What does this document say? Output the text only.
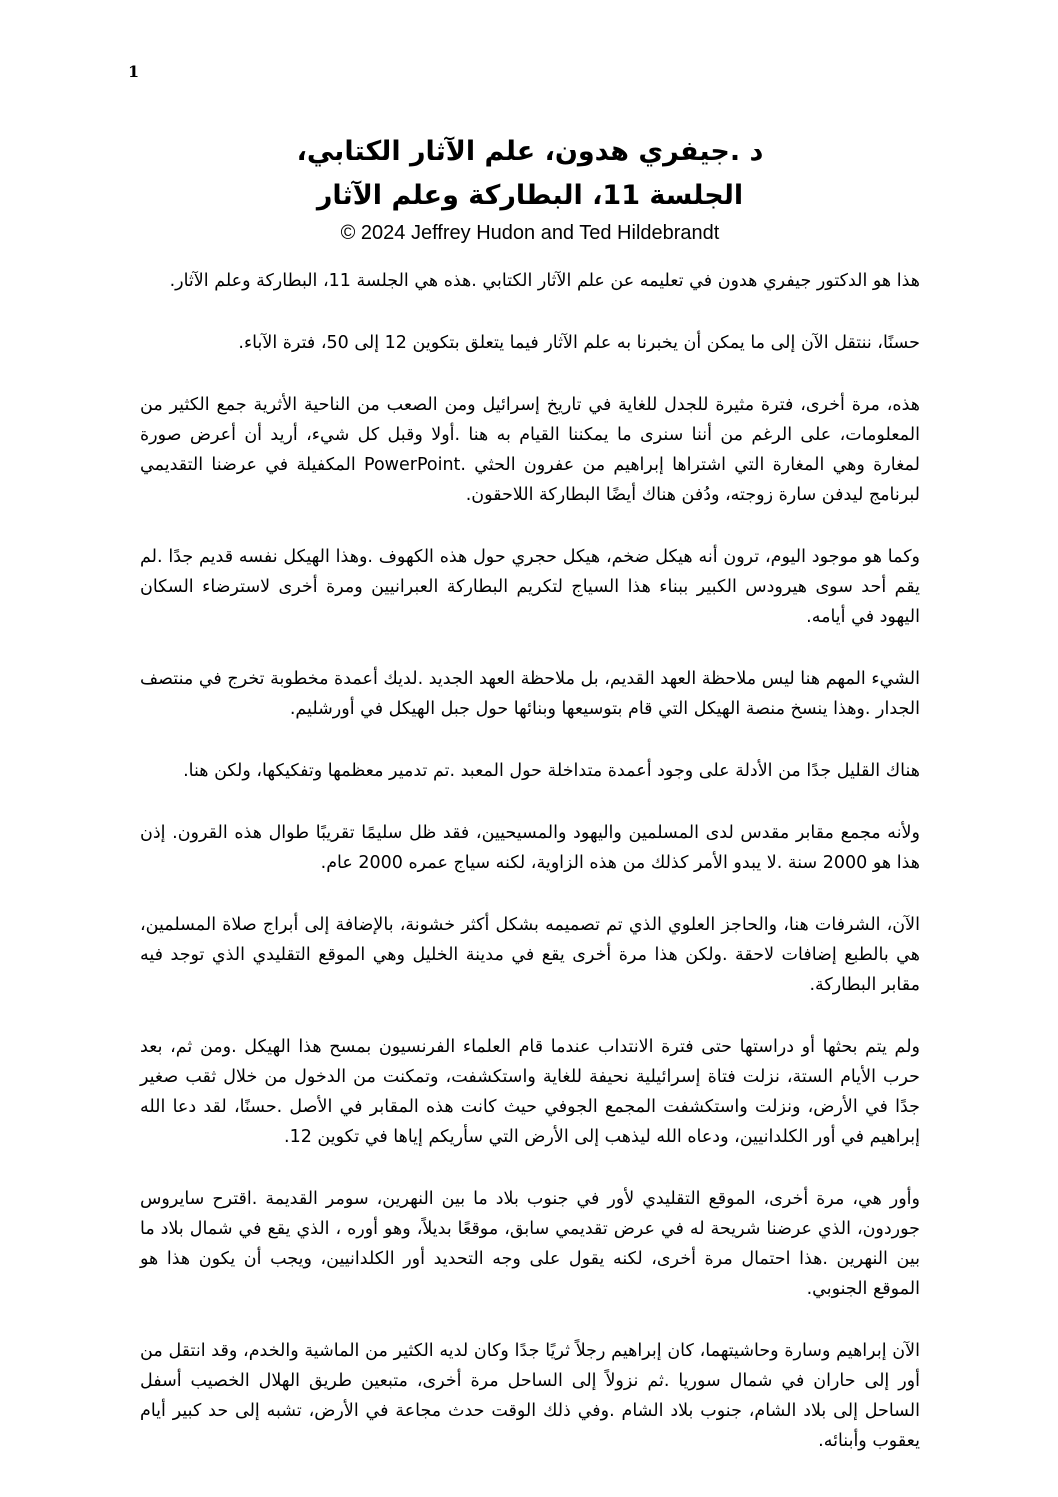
1

د .جيفري هدون، علم الآثار الكتابي،

الجلسة 11، البطاركة وعلم الآثار

© 2024 Jeffrey Hudon and Ted Hildebrandt

هذا هو الدكتور جيفري هدون في تعليمه عن علم الآثار الكتابي .هذه هي الجلسة 11، البطاركة وعلم الآثار.

حسنًا، ننتقل الآن إلى ما يمكن أن يخبرنا به علم الآثار فيما يتعلق بتكوين 12 إلى 50، فترة الآباء.

هذه، مرة أخرى، فترة مثيرة للجدل للغاية في تاريخ إسرائيل ومن الصعب من الناحية الأثرية جمع الكثير من المعلومات، على الرغم من أننا سنرى ما يمكننا القيام به هنا .أولا وقبل كل شيء، أريد أن أعرض صورة لمغارة وهي المغارة التي اشتراها إبراهيم من عفرون الحثي .PowerPoint المكفيلة في عرضنا التقديمي لبرنامج ليدفن سارة زوجته، ودُفن هناك أيضًا البطاركة اللاحقون.

وكما هو موجود اليوم، ترون أنه هيكل ضخم، هيكل حجري حول هذه الكهوف .وهذا الهيكل نفسه قديم جدًا .لم يقم أحد سوى هيرودس الكبير ببناء هذا السياج لتكريم البطاركة العبرانيين ومرة أخرى لاسترضاء السكان اليهود في أيامه.

الشيء المهم هنا ليس ملاحظة العهد القديم، بل ملاحظة العهد الجديد .لديك أعمدة مخطوبة تخرج في منتصف الجدار .وهذا ينسخ منصة الهيكل التي قام بتوسيعها وبنائها حول جبل الهيكل في أورشليم.

هناك القليل جدًا من الأدلة على وجود أعمدة متداخلة حول المعبد .تم تدمير معظمها وتفكيكها، ولكن هنا.

ولأنه مجمع مقابر مقدس لدى المسلمين واليهود والمسيحيين، فقد ظل سليمًا تقريبًا طوال هذه القرون. إذن هذا هو 2000 سنة .لا يبدو الأمر كذلك من هذه الزاوية، لكنه سياج عمره 2000 عام.

الآن، الشرفات هنا، والحاجز العلوي الذي تم تصميمه بشكل أكثر خشونة، بالإضافة إلى أبراج صلاة المسلمين، هي بالطبع إضافات لاحقة .ولكن هذا مرة أخرى يقع في مدينة الخليل وهي الموقع التقليدي الذي توجد فيه مقابر البطاركة.

ولم يتم بحثها أو دراستها حتى فترة الانتداب عندما قام العلماء الفرنسيون بمسح هذا الهيكل .ومن ثم، بعد حرب الأيام الستة، نزلت فتاة إسرائيلية نحيفة للغاية واستكشفت، وتمكنت من الدخول من خلال ثقب صغير جدًا في الأرض، ونزلت واستكشفت المجمع الجوفي حيث كانت هذه المقابر في الأصل .حسنًا، لقد دعا الله إبراهيم في أور الكلدانيين، ودعاه الله ليذهب إلى الأرض التي سأريكم إياها في تكوين 12.

وأور هي، مرة أخرى، الموقع التقليدي لأور في جنوب بلاد ما بين النهرين، سومر القديمة .اقترح سايروس جوردون، الذي عرضنا شريحة له في عرض تقديمي سابق، موقعًا بديلاً، وهو أوره ، الذي يقع في شمال بلاد ما بين النهرين .هذا احتمال مرة أخرى، لكنه يقول على وجه التحديد أور الكلدانيين، ويجب أن يكون هذا هو الموقع الجنوبي.

الآن إبراهيم وسارة وحاشيتهما، كان إبراهيم رجلاً ثريًا جدًا وكان لديه الكثير من الماشية والخدم، وقد انتقل من أور إلى حاران في شمال سوريا .ثم نزولاً إلى الساحل مرة أخرى، متبعين طريق الهلال الخصيب أسفل الساحل إلى بلاد الشام، جنوب بلاد الشام .وفي ذلك الوقت حدث مجاعة في الأرض، تشبه إلى حد كبير أيام يعقوب وأبنائه.
